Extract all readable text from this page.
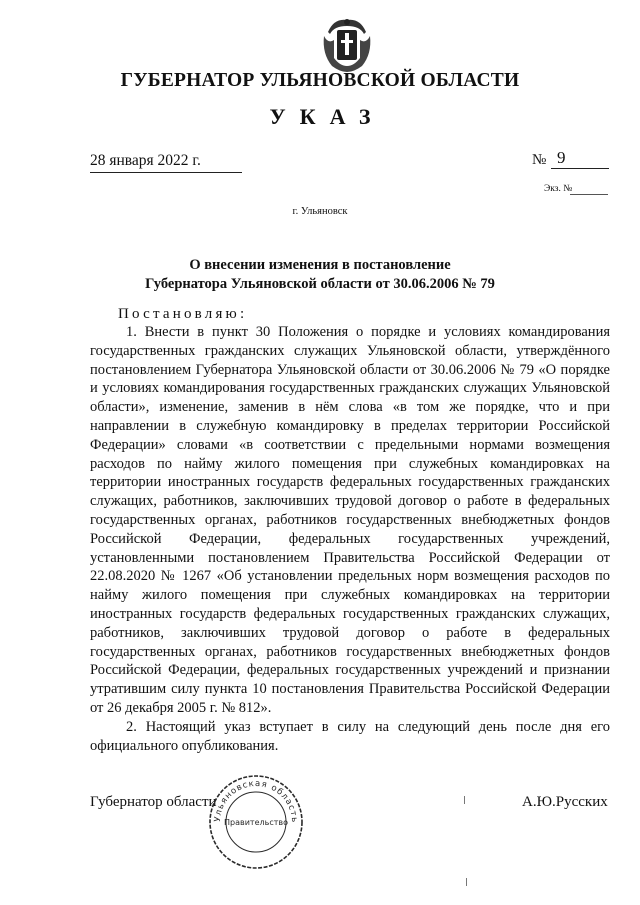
ГУБЕРНАТОР УЛЬЯНОВСКОЙ ОБЛАСТИ
УКАЗ
28 января 2022 г.	№ 9
Экз. №
г. Ульяновск
О внесении изменения в постановление
Губернатора Ульяновской области от 30.06.2006 № 79
Постановляю:

1. Внести в пункт 30 Положения о порядке и условиях командирования государственных гражданских служащих Ульяновской области, утверждённого постановлением Губернатора Ульяновской области от 30.06.2006 № 79 «О порядке и условиях командирования государственных гражданских служащих Ульяновской области», изменение, заменив в нём слова «в том же порядке, что и при направлении в служебную командировку в пределах территории Российской Федерации» словами «в соответствии с предельными нормами возмещения расходов по найму жилого помещения при служебных командировках на территории иностранных государств федеральных государственных гражданских служащих, работников, заключивших трудовой договор о работе в федеральных государственных органах, работников государственных внебюджетных фондов Российской Федерации, федеральных государственных учреждений, установленными постановлением Правительства Российской Федерации от 22.08.2020 № 1267 «Об установлении предельных норм возмещения расходов по найму жилого помещения при служебных командировках на территории иностранных государств федеральных государственных гражданских служащих, работников, заключивших трудовой договор о работе в федеральных государственных органах, работников государственных внебюджетных фондов Российской Федерации, федеральных государственных учреждений и признании утратившим силу пункта 10 постановления Правительства Российской Федерации от 26 декабря 2005 г. № 812».

2. Настоящий указ вступает в силу на следующий день после дня его официального опубликования.

Губернатор области	А.Ю.Русских
Ульяновская область
Правительство
